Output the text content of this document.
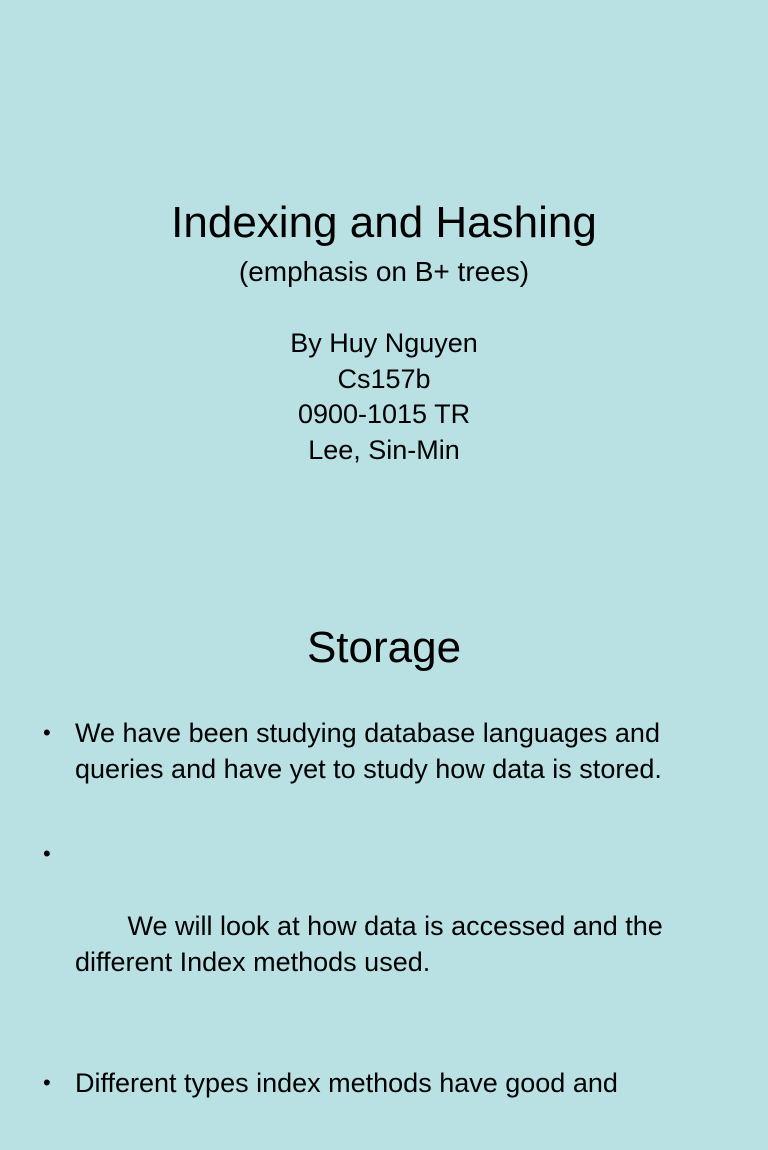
Indexing and Hashing
(emphasis on B+ trees)
By Huy Nguyen
Cs157b
0900-1015 TR
Lee, Sin-Min
Storage
• We have been studying database languages and queries and have yet to study how data is stored.

•

We will look at how data is accessed and the different Index methods used.

• Different types index methods have good and
